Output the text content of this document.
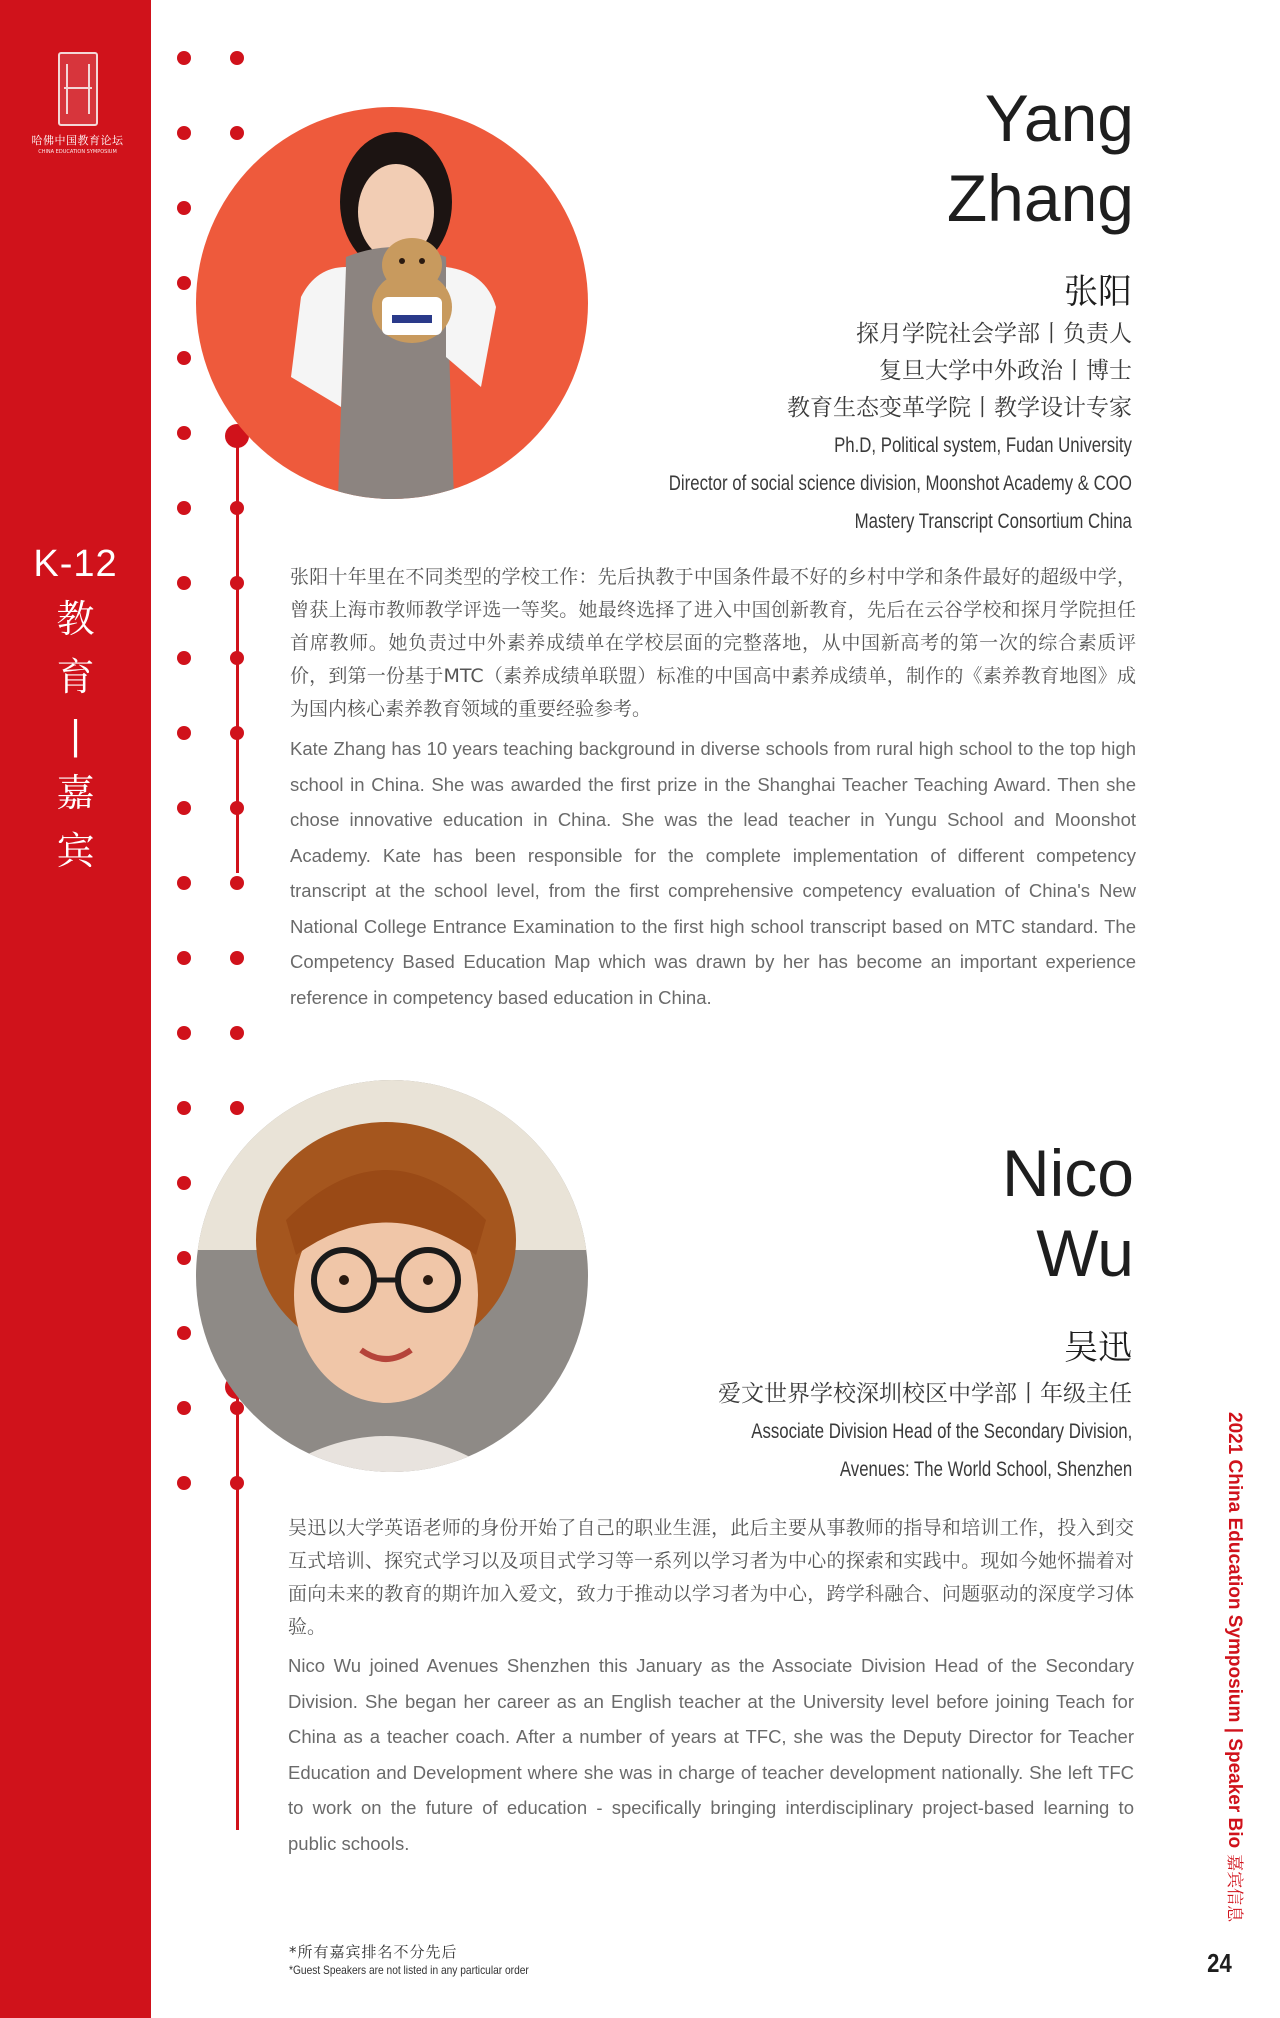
哈佛中国教育论坛
CHINA EDUCATION SYMPOSIUM
K-12
教
育
|
嘉
宾
Yang
Zhang
张阳
探月学院社会学部丨负责人
复旦大学中外政治丨博士
教育生态变革学院丨教学设计专家
Ph.D, Political system, Fudan University
Director of social science division, Moonshot Academy & COO
Mastery Transcript Consortium China

张阳十年里在不同类型的学校工作：先后执教于中国条件最不好的乡村中学和条件最好的超级中学，曾获上海市教师教学评选一等奖。她最终选择了进入中国创新教育，先后在云谷学校和探月学院担任首席教师。她负责过中外素养成绩单在学校层面的完整落地，从中国新高考的第一次的综合素质评价，到第一份基于MTC（素养成绩单联盟）标准的中国高中素养成绩单，制作的《素养教育地图》成为国内核心素养教育领域的重要经验参考。

Kate Zhang has 10 years teaching background in diverse schools from rural high school to the top high school in China. She was awarded the first prize in the Shanghai Teacher Teaching Award. Then she chose innovative education in China. She was the lead teacher in Yungu School and Moonshot Academy. Kate has been responsible for the complete implementation of different competency transcript at the school level, from the first comprehensive competency evaluation of China's New National College Entrance Examination to the first high school transcript based on MTC standard. The Competency Based Education Map which was drawn by her has become an important experience reference in competency based education in China.

Nico
Wu
吴迅
爱文世界学校深圳校区中学部丨年级主任
Associate Division Head of the Secondary Division,
Avenues: The World School, Shenzhen

吴迅以大学英语老师的身份开始了自己的职业生涯，此后主要从事教师的指导和培训工作，投入到交互式培训、探究式学习以及项目式学习等一系列以学习者为中心的探索和实践中。现如今她怀揣着对面向未来的教育的期许加入爱文，致力于推动以学习者为中心，跨学科融合、问题驱动的深度学习体验。

Nico Wu joined Avenues Shenzhen this January as the Associate Division Head of the Secondary Division. She began her career as an English teacher at the University level before joining Teach for China as a teacher coach. After a number of years at TFC, she was the Deputy Director for Teacher Education and Development where she was in charge of teacher development nationally. She left TFC to work on the future of education - specifically bringing interdisciplinary project-based learning to public schools.

*所有嘉宾排名不分先后
*Guest Speakers are not listed in any particular order
2021 China Education Symposium | Speaker Bio嘉宾信息
24
